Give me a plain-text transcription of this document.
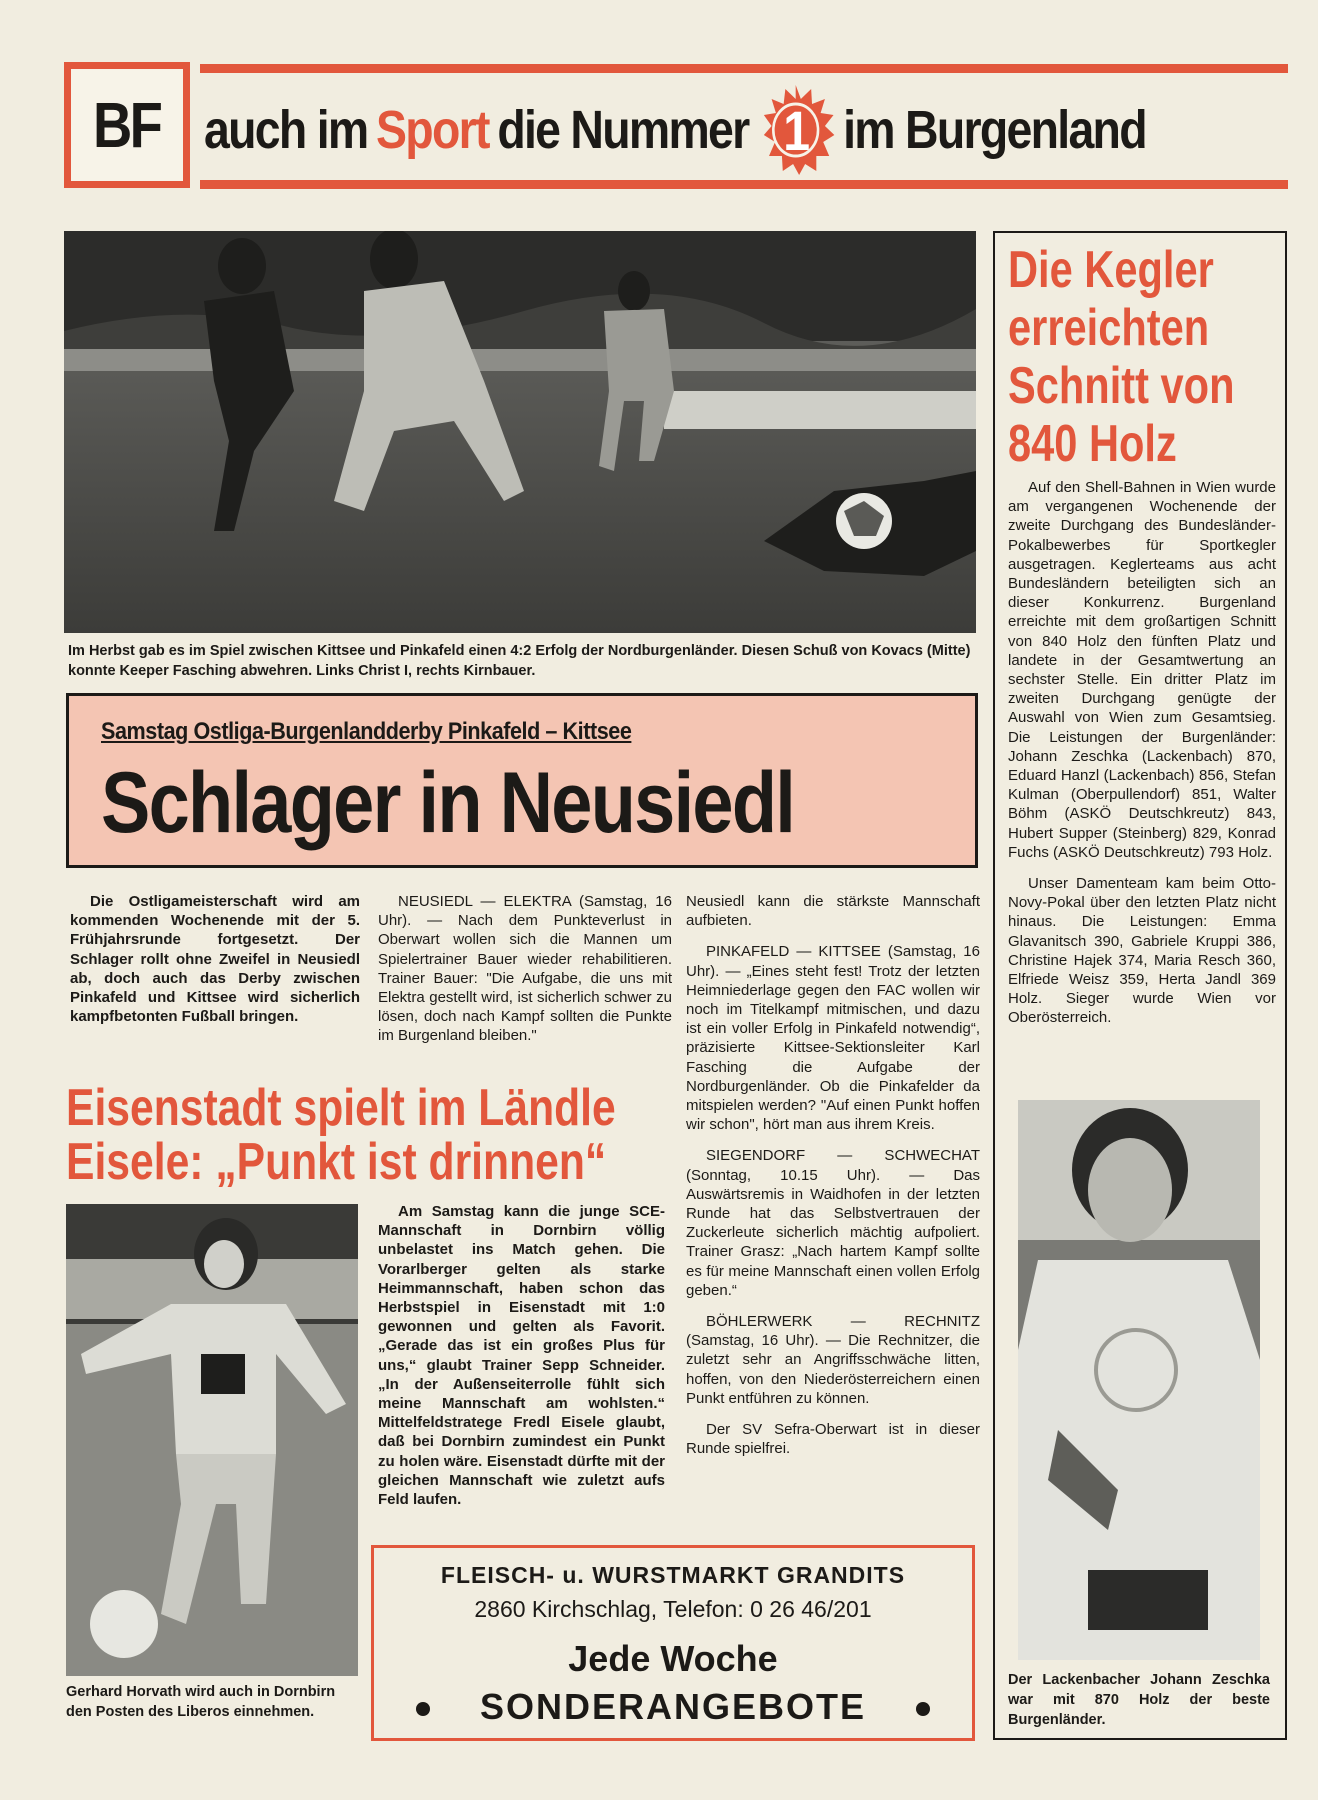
BF auch im Sport die Nummer 1 im Burgenland
Im Herbst gab es im Spiel zwischen Kittsee und Pinkafeld einen 4:2 Erfolg der Nordburgenländer. Diesen Schuß von Kovacs (Mitte) konnte Keeper Fasching abwehren. Links Christ I, rechts Kirnbauer.
Samstag Ostliga-Burgenlandderby Pinkafeld – Kittsee
Schlager in Neusiedl
Die Ostligameisterschaft wird am kommenden Wochenende mit der 5. Frühjahrsrunde fortgesetzt. Der Schlager rollt ohne Zweifel in Neusiedl ab, doch auch das Derby zwischen Pinkafeld und Kittsee wird sicherlich kampfbetonten Fußball bringen.

NEUSIEDL — ELEKTRA (Samstag, 16 Uhr). — Nach dem Punkteverlust in Oberwart wollen sich die Mannen um Spielertrainer Bauer wieder rehabilitieren. Trainer Bauer: "Die Aufgabe, die uns mit Elektra gestellt wird, ist sicherlich schwer zu lösen, doch nach Kampf sollten die Punkte im Burgenland bleiben."

Neusiedl kann die stärkste Mannschaft aufbieten.

PINKAFELD — KITTSEE (Samstag, 16 Uhr). — „Eines steht fest! Trotz der letzten Heimniederlage gegen den FAC wollen wir noch im Titelkampf mitmischen, und dazu ist ein voller Erfolg in Pinkafeld notwendig“, präzisierte Kittsee-Sektionsleiter Karl Fasching die Aufgabe der Nordburgenländer. Ob die Pinkafelder da mitspielen werden? "Auf einen Punkt hoffen wir schon", hört man aus ihrem Kreis.

SIEGENDORF — SCHWECHAT (Sonntag, 10.15 Uhr). — Das Auswärtsremis in Waidhofen in der letzten Runde hat das Selbstvertrauen der Zuckerleute sicherlich mächtig aufpoliert. Trainer Grasz: „Nach hartem Kampf sollte es für meine Mannschaft einen vollen Erfolg geben.“

BÖHLERWERK — RECHNITZ (Samstag, 16 Uhr). — Die Rechnitzer, die zuletzt sehr an Angriffsschwäche litten, hoffen, von den Niederösterreichern einen Punkt entführen zu können.

Der SV Sefra-Oberwart ist in dieser Runde spielfrei.

Eisenstadt spielt im Ländle
Eisele: „Punkt ist drinnen“
Gerhard Horvath wird auch in Dornbirn den Posten des Liberos einnehmen.
Am Samstag kann die junge SCE-Mannschaft in Dornbirn völlig unbelastet ins Match gehen. Die Vorarlberger gelten als starke Heimmannschaft, haben schon das Herbstspiel in Eisenstadt mit 1:0 gewonnen und gelten als Favorit. „Gerade das ist ein großes Plus für uns,“ glaubt Trainer Sepp Schneider. „In der Außenseiterrolle fühlt sich meine Mannschaft am wohlsten.“ Mittelfeldstratege Fredl Eisele glaubt, daß bei Dornbirn zumindest ein Punkt zu holen wäre. Eisenstadt dürfte mit der gleichen Mannschaft wie zuletzt aufs Feld laufen.
FLEISCH- u. WURSTMARKT GRANDITS
2860 Kirchschlag, Telefon: 0 26 46/201
Jede Woche
SONDERANGEBOTE
Die Kegler
erreichten
Schnitt von
840 Holz

Auf den Shell-Bahnen in Wien wurde am vergangenen Wochenende der zweite Durchgang des Bundesländer-Pokalbewerbes für Sportkegler ausgetragen. Keglerteams aus acht Bundesländern beteiligten sich an dieser Konkurrenz. Burgenland erreichte mit dem großartigen Schnitt von 840 Holz den fünften Platz und landete in der Gesamtwertung an sechster Stelle. Ein dritter Platz im zweiten Durchgang genügte der Auswahl von Wien zum Gesamtsieg. Die Leistungen der Burgenländer: Johann Zeschka (Lackenbach) 870, Eduard Hanzl (Lackenbach) 856, Stefan Kulman (Oberpullendorf) 851, Walter Böhm (ASKÖ Deutschkreutz) 843, Hubert Supper (Steinberg) 829, Konrad Fuchs (ASKÖ Deutschkreutz) 793 Holz.

Unser Damenteam kam beim Otto-Novy-Pokal über den letzten Platz nicht hinaus. Die Leistungen: Emma Glavanitsch 390, Gabriele Kruppi 386, Christine Hajek 374, Maria Resch 360, Elfriede Weisz 359, Herta Jandl 369 Holz. Sieger wurde Wien vor Oberösterreich.

Der Lackenbacher Johann Zeschka war mit 870 Holz der beste Burgenländer.
